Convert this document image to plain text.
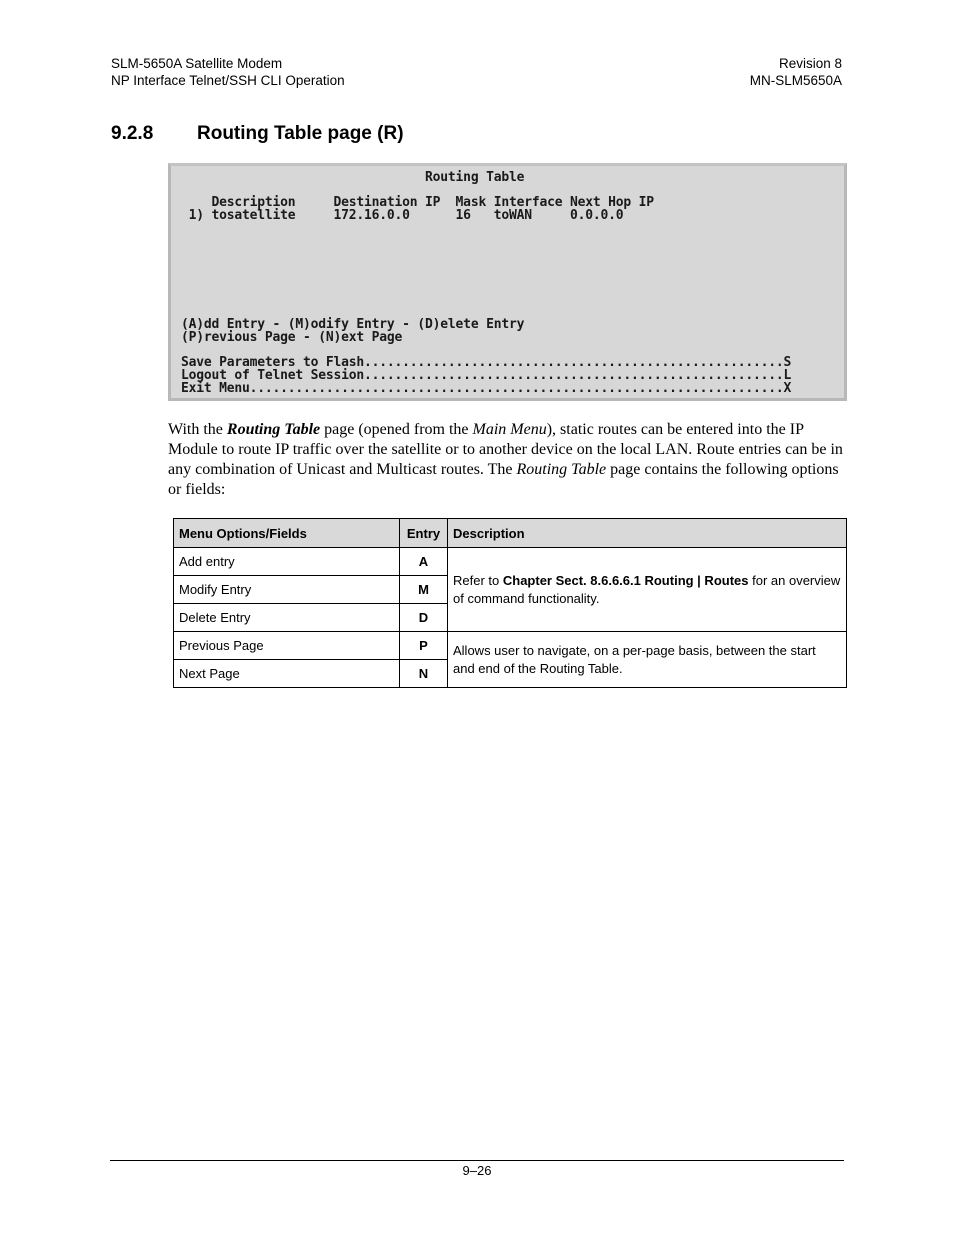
SLM-5650A Satellite Modem
NP Interface Telnet/SSH CLI Operation
Revision 8
MN-SLM5650A
9.2.8 Routing Table page (R)
Routing Table
Description     Destination IP  Mask Interface Next Hop IP
1) tosatellite     172.16.0.0      16   toWAN     0.0.0.0
(A)dd Entry - (M)odify Entry - (D)elete Entry
(P)revious Page - (N)ext Page
Save Parameters to Flash.......................................................S
Logout of Telnet Session.......................................................L
Exit Menu......................................................................X

With the Routing Table page (opened from the Main Menu), static routes can be entered into the IP Module to route IP traffic over the satellite or to another device on the local LAN. Route entries can be in any combination of Unicast and Multicast routes. The Routing Table page contains the following options or fields:

Menu Options/Fields	Entry	Description
Add entry	A	Refer to Chapter Sect. 8.6.6.6.1 Routing | Routes for an overview of command functionality.
Modify Entry	M	
Delete Entry	D	
Previous Page	P	Allows user to navigate, on a per-page basis, between the start and end of the Routing Table.
Next Page	N	
9–26
